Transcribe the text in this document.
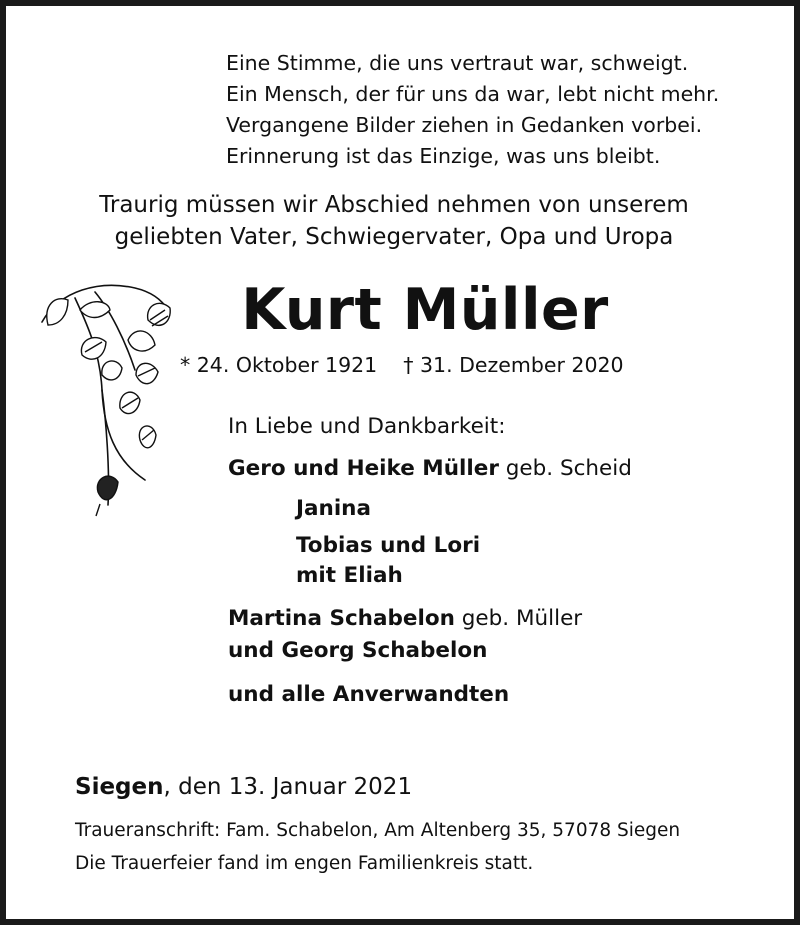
Eine Stimme, die uns vertraut war, schweigt.
Ein Mensch, der für uns da war, lebt nicht mehr.
Vergangene Bilder ziehen in Gedanken vorbei.
Erinnerung ist das Einzige, was uns bleibt.
Traurig müssen wir Abschied nehmen von unserem
geliebten Vater, Schwiegervater, Opa und Uropa
Kurt Müller
* 24. Oktober 1921 † 31. Dezember 2020
In Liebe und Dankbarkeit:
Gero und Heike Müller geb. Scheid
Janina
Tobias und Lori
mit Eliah
Martina Schabelon geb. Müller
und Georg Schabelon
und alle Anverwandten
Siegen, den 13. Januar 2021
Traueranschrift: Fam. Schabelon, Am Altenberg 35, 57078 Siegen
Die Trauerfeier fand im engen Familienkreis statt.
